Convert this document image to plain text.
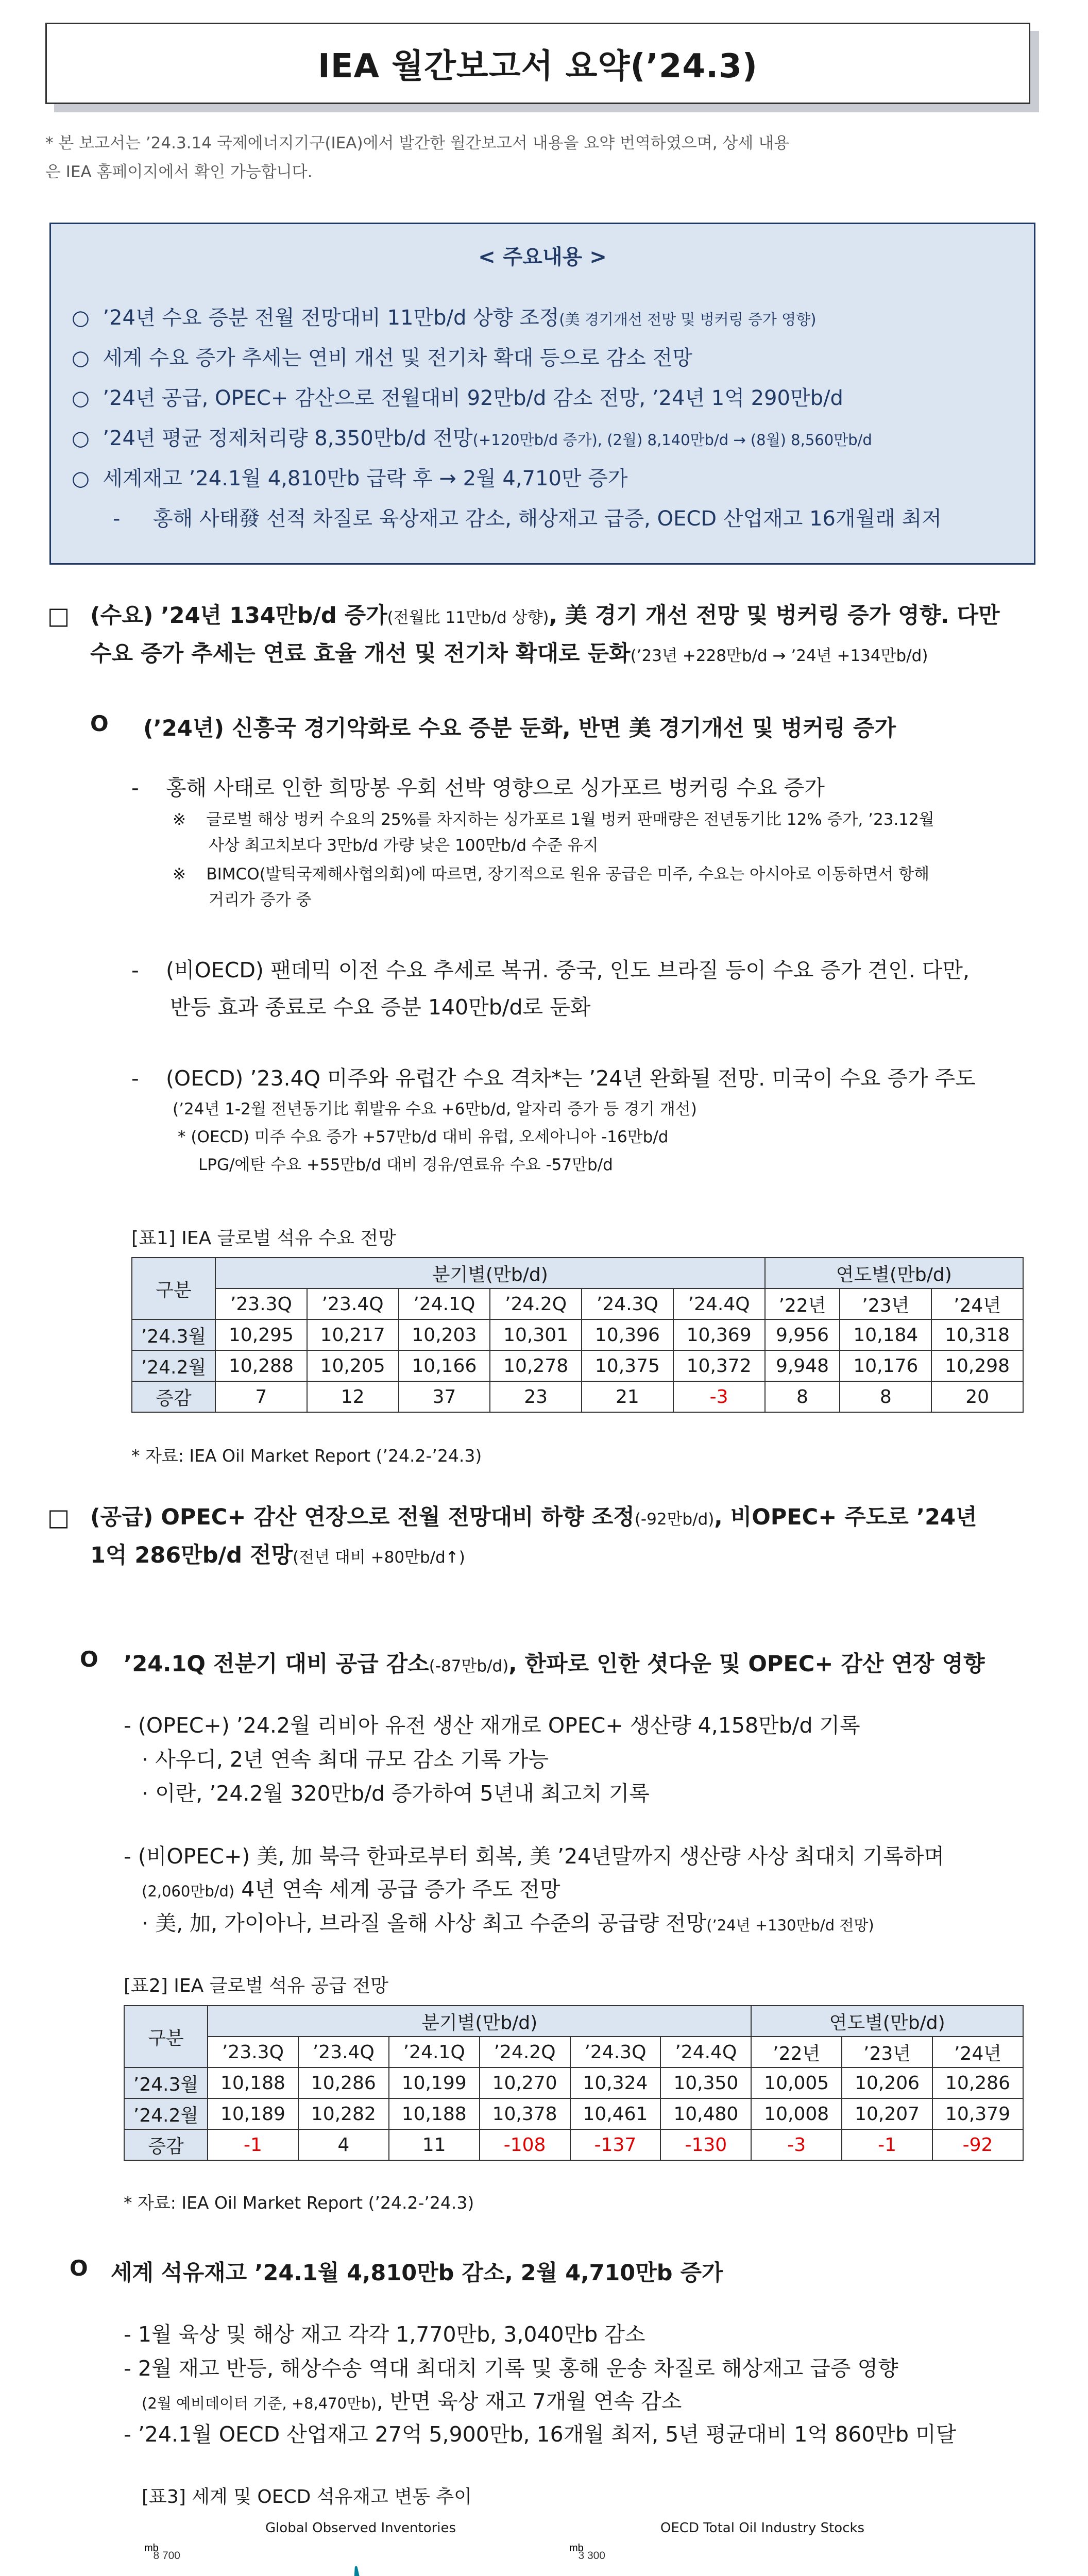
IEA 월간보고서 요약(’24.3)
* 본 보고서는 ’24.3.14 국제에너지기구(IEA)에서 발간한 월간보고서 내용을 요약 번역하였으며, 상세 내용
은 IEA 홈페이지에서 확인 가능합니다.
< 주요내용 >
○  ’24년 수요 증분 전월 전망대비 11만b/d 상향 조정(美 경기개선 전망 및 벙커링 증가 영향)
○  세계 수요 증가 추세는 연비 개선 및 전기차 확대 등으로 감소 전망
○  ’24년 공급, OPEC+ 감산으로 전월대비 92만b/d 감소 전망, ’24년 1억 290만b/d
○  ’24년 평균 정제처리량 8,350만b/d 전망(+120만b/d 증가), (2월) 8,140만b/d → (8월) 8,560만b/d
○  세계재고 ’24.1월 4,810만b 급락 후 → 2월 4,710만 증가
-     홍해 사태發 선적 차질로 육상재고 감소, 해상재고 급증, OECD 산업재고 16개월래 최저
□ (수요) ’24년 134만b/d 증가(전월比 11만b/d 상향), 美 경기 개선 전망 및 벙커링 증가 영향. 다만
수요 증가 추세는 연료 효율 개선 및 전기차 확대로 둔화(’23년 +228만b/d → ’24년 +134만b/d)
O (’24년) 신흥국 경기악화로 수요 증분 둔화, 반면 美 경기개선 및 벙커링 증가
-    홍해 사태로 인한 희망봉 우회 선박 영향으로 싱가포르 벙커링 수요 증가
※    글로벌 해상 벙커 수요의 25%를 차지하는 싱가포르 1월 벙커 판매량은 전년동기比 12% 증가, ’23.12월
사상 최고치보다 3만b/d 가량 낮은 100만b/d 수준 유지
※    BIMCO(발틱국제해사협의회)에 따르면, 장기적으로 원유 공급은 미주, 수요는 아시아로 이동하면서 항해
거리가 증가 중
-    (비OECD) 팬데믹 이전 수요 추세로 복귀. 중국, 인도 브라질 등이 수요 증가 견인. 다만,
반등 효과 종료로 수요 증분 140만b/d로 둔화
-    (OECD) ’23.4Q 미주와 유럽간 수요 격차*는 ’24년 완화될 전망. 미국이 수요 증가 주도
(’24년 1-2월 전년동기比 휘발유 수요 +6만b/d, 알자리 증가 등 경기 개선)
* (OECD) 미주 수요 증가 +57만b/d 대비 유럽, 오세아니아 -16만b/d
LPG/에탄 수요 +55만b/d 대비 경유/연료유 수요 -57만b/d
[표1] IEA 글로벌 석유 수요 전망
구분	분기별(만b/d)						연도별(만b/d)		
	’23.3Q	’23.4Q	’24.1Q	’24.2Q	’24.3Q	’24.4Q	’22년	’23년	’24년
’24.3월	10,295	10,217	10,203	10,301	10,396	10,369	9,956	10,184	10,318
’24.2월	10,288	10,205	10,166	10,278	10,375	10,372	9,948	10,176	10,298
증감	7	12	37	23	21	-3	8	8	20
* 자료: IEA Oil Market Report (’24.2-’24.3)
□ (공급) OPEC+ 감산 연장으로 전월 전망대비 하향 조정(-92만b/d), 비OPEC+ 주도로 ’24년
1억 286만b/d 전망(전년 대비 +80만b/d↑)
O ’24.1Q 전분기 대비 공급 감소(-87만b/d), 한파로 인한 셧다운 및 OPEC+ 감산 연장 영향
- (OPEC+) ’24.2월 리비아 유전 생산 재개로 OPEC+ 생산량 4,158만b/d 기록
· 사우디, 2년 연속 최대 규모 감소 기록 가능
· 이란, ’24.2월 320만b/d 증가하여 5년내 최고치 기록
- (비OPEC+) 美, 加 북극 한파로부터 회복, 美 ’24년말까지 생산량 사상 최대치 기록하며
(2,060만b/d) 4년 연속 세계 공급 증가 주도 전망
· 美, 加, 가이아나, 브라질 올해 사상 최고 수준의 공급량 전망(’24년 +130만b/d 전망)
[표2] IEA 글로벌 석유 공급 전망
구분	분기별(만b/d)						연도별(만b/d)		
	’23.3Q	’23.4Q	’24.1Q	’24.2Q	’24.3Q	’24.4Q	’22년	’23년	’24년
’24.3월	10,188	10,286	10,199	10,270	10,324	10,350	10,005	10,206	10,286
’24.2월	10,189	10,282	10,188	10,378	10,461	10,480	10,008	10,207	10,379
증감	-1	4	11	-108	-137	-130	-3	-1	-92
* 자료: IEA Oil Market Report (’24.2-’24.3)
O 세계 석유재고 ’24.1월 4,810만b 감소, 2월 4,710만b 증가
- 1월 육상 및 해상 재고 각각 1,770만b, 3,040만b 감소
- 2월 재고 반등, 해상수송 역대 최대치 기록 및 홍해 운송 차질로 해상재고 급증 영향
(2월 예비데이터 기준, +8,470만b), 반면 육상 재고 7개월 연속 감소
- ’24.1월 OECD 산업재고 27억 5,900만b, 16개월 최저, 5년 평균대비 1억 860만b 미달
[표3] 세계 및 OECD 석유재고 변동 추이
Global Observed Inventories
mb
8 700
OECD Total Oil Industry Stocks
mb
3 300
